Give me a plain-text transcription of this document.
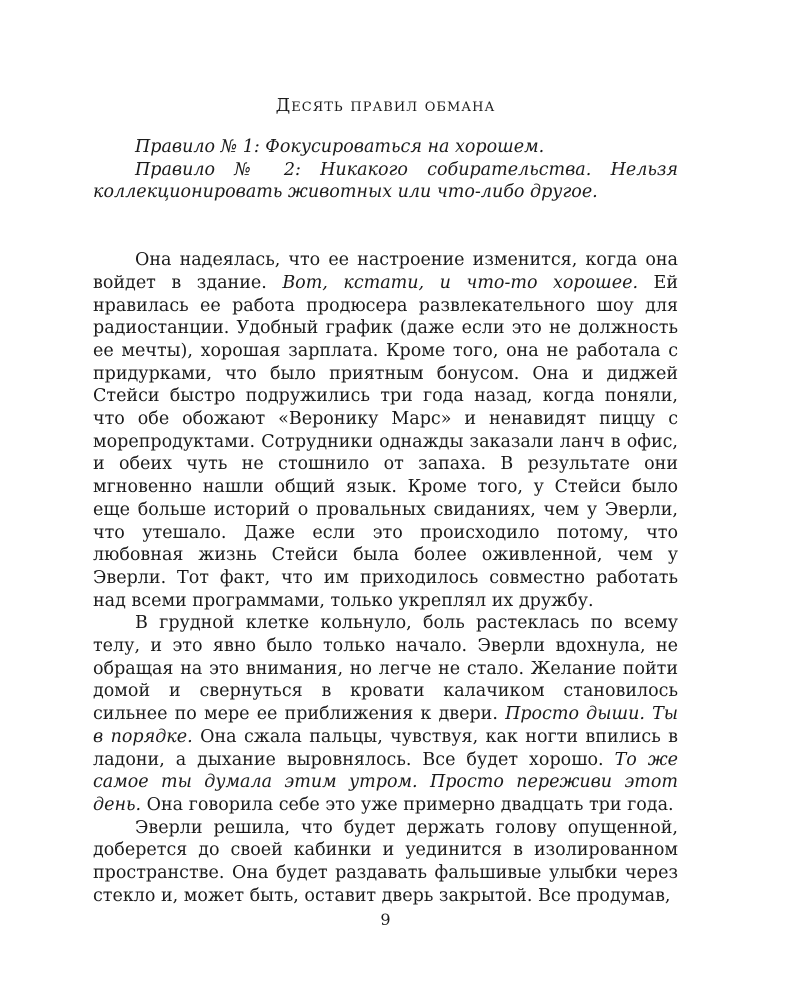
Десять правил обмана

Правило № 1: Фокусироваться на хорошем.

Правило № 2: Никакого собирательства. Нельзя коллекционировать животных или что-либо другое.

Она надеялась, что ее настроение изменится, когда она войдет в здание. Вот, кстати, и что-то хорошее. Ей нравилась ее работа продюсера развлекательного шоу для радиостанции. Удобный график (даже если это не должность ее мечты), хорошая зарплата. Кроме того, она не работала с придурками, что было приятным бонусом. Она и диджей Стейси быстро подружились три года назад, когда поняли, что обе обожают «Веронику Марс» и ненавидят пиццу с морепродуктами. Сотрудники однажды заказали ланч в офис, и обеих чуть не стошнило от запаха. В результате они мгновенно нашли общий язык. Кроме того, у Стейси было еще больше историй о провальных свиданиях, чем у Эверли, что утешало. Даже если это происходило потому, что любовная жизнь Стейси была более оживленной, чем у Эверли. Тот факт, что им приходилось совместно работать над всеми программами, только укреплял их дружбу.

В грудной клетке кольнуло, боль растеклась по всему телу, и это явно было только начало. Эверли вдохнула, не обращая на это внимания, но легче не стало. Желание пойти домой и свернуться в кровати калачиком становилось сильнее по мере ее приближения к двери. Просто дыши. Ты в порядке. Она сжала пальцы, чувствуя, как ногти впились в ладони, а дыхание выровнялось. Все будет хорошо. То же самое ты думала этим утром. Просто переживи этот день. Она говорила себе это уже примерно двадцать три года.

Эверли решила, что будет держать голову опущенной, доберется до своей кабинки и уединится в изолированном пространстве. Она будет раздавать фальшивые улыбки через стекло и, может быть, оставит дверь закрытой. Все продумав,

9
